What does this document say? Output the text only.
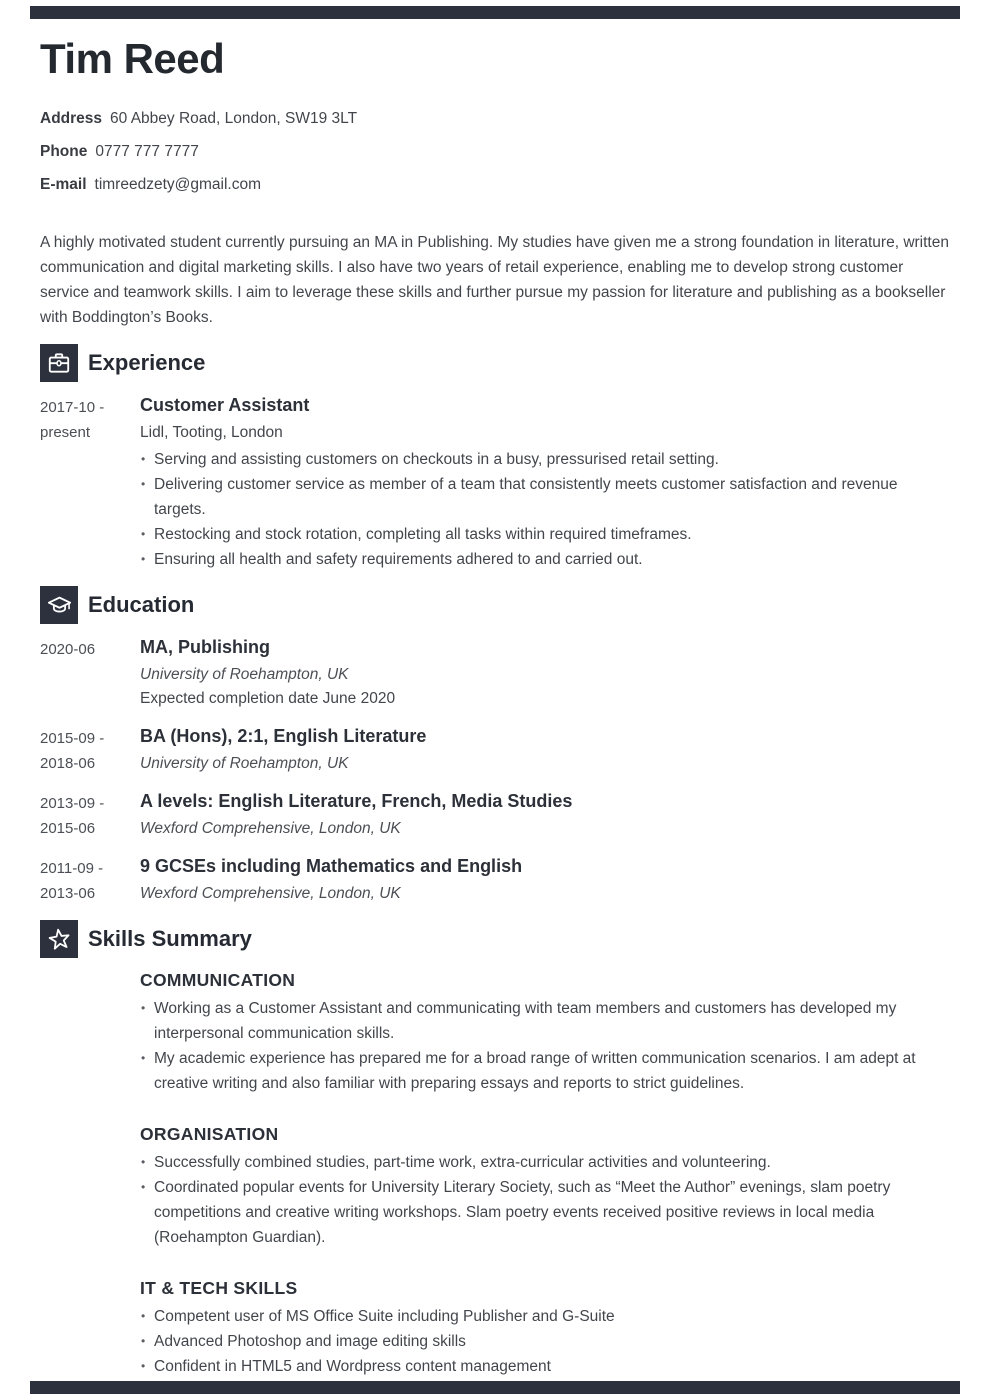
Tim Reed

Address 60 Abbey Road, London, SW19 3LT

Phone 0777 777 7777

E-mail timreedzety@gmail.com

A highly motivated student currently pursuing an MA in Publishing. My studies have given me a strong foundation in literature, written communication and digital marketing skills. I also have two years of retail experience, enabling me to develop strong customer service and teamwork skills. I aim to leverage these skills and further pursue my passion for literature and publishing as a bookseller with Boddington’s Books.

Experience
2017-10 -
present
Customer Assistant

Lidl, Tooting, London

• Serving and assisting customers on checkouts in a busy, pressurised retail setting.
• Delivering customer service as member of a team that consistently meets customer satisfaction and revenue targets.
• Restocking and stock rotation, completing all tasks within required timeframes.
• Ensuring all health and safety requirements adhered to and carried out.
Education
2020-06	MA, Publishing

University of Roehampton, UK

Expected completion date June 2020

2015-09 -
2018-06
BA (Hons), 2:1, English Literature

University of Roehampton, UK

2013-09 -
2015-06
A levels: English Literature, French, Media Studies

Wexford Comprehensive, London, UK

2011-09 -
2013-06
9 GCSEs including Mathematics and English

Wexford Comprehensive, London, UK

Skills Summary
COMMUNICATION
• Working as a Customer Assistant and communicating with team members and customers has developed my interpersonal communication skills.
• My academic experience has prepared me for a broad range of written communication scenarios. I am adept at creative writing and also familiar with preparing essays and reports to strict guidelines.
ORGANISATION
• Successfully combined studies, part-time work, extra-curricular activities and volunteering.
• Coordinated popular events for University Literary Society, such as “Meet the Author” evenings, slam poetry competitions and creative writing workshops. Slam poetry events received positive reviews in local media (Roehampton Guardian).
IT & TECH SKILLS
• Competent user of MS Office Suite including Publisher and G-Suite
• Advanced Photoshop and image editing skills
• Confident in HTML5 and Wordpress content management
